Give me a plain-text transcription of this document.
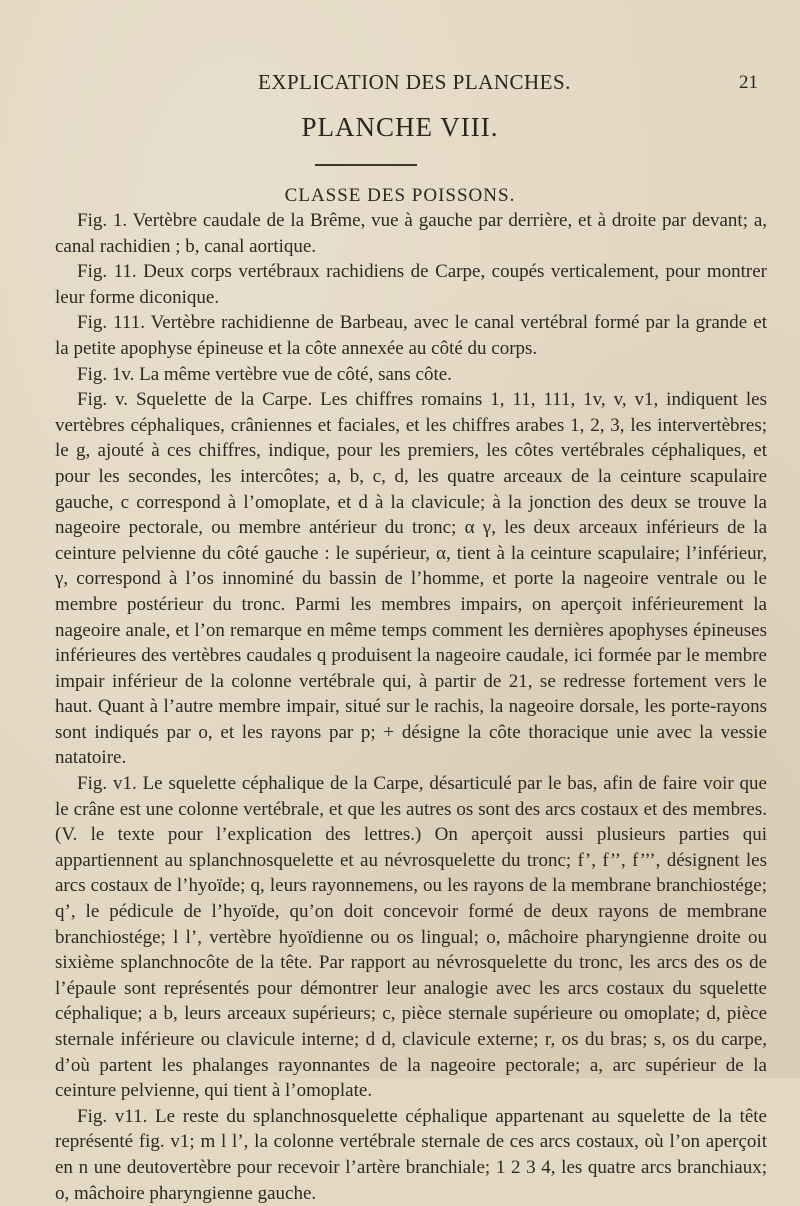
EXPLICATION DES PLANCHES.	21
PLANCHE VIII.
CLASSE DES POISSONS.

Fig. 1. Vertèbre caudale de la Brême, vue à gauche par derrière, et à droite par devant; a, canal rachidien ; b, canal aortique.

Fig. 11. Deux corps vertébraux rachidiens de Carpe, coupés verticalement, pour montrer leur forme diconique.

Fig. 111. Vertèbre rachidienne de Barbeau, avec le canal vertébral formé par la grande et la petite apophyse épineuse et la côte annexée au côté du corps.

Fig. 1v. La même vertèbre vue de côté, sans côte.

Fig. v. Squelette de la Carpe. Les chiffres romains 1, 11, 111, 1v, v, v1, indiquent les vertèbres céphaliques, crâniennes et faciales, et les chiffres arabes 1, 2, 3, les intervertèbres; le g, ajouté à ces chiffres, indique, pour les premiers, les côtes vertébrales céphaliques, et pour les secondes, les intercôtes; a, b, c, d, les quatre arceaux de la ceinture scapulaire gauche, c correspond à l’omoplate, et d à la clavicule; à la jonction des deux se trouve la nageoire pectorale, ou membre antérieur du tronc; α γ, les deux arceaux inférieurs de la ceinture pelvienne du côté gauche : le supérieur, α, tient à la ceinture scapulaire; l’inférieur, γ, correspond à l’os innominé du bassin de l’homme, et porte la nageoire ventrale ou le membre postérieur du tronc. Parmi les membres impairs, on aperçoit inférieurement la nageoire anale, et l’on remarque en même temps comment les dernières apophyses épineuses inférieures des vertèbres caudales q produisent la nageoire caudale, ici formée par le membre impair inférieur de la colonne vertébrale qui, à partir de 21, se redresse fortement vers le haut. Quant à l’autre membre impair, situé sur le rachis, la nageoire dorsale, les porte-rayons sont indiqués par o, et les rayons par p; + désigne la côte thoracique unie avec la vessie natatoire.

Fig. v1. Le squelette céphalique de la Carpe, désarticulé par le bas, afin de faire voir que le crâne est une colonne vertébrale, et que les autres os sont des arcs costaux et des membres. (V. le texte pour l’explication des lettres.) On aperçoit aussi plusieurs parties qui appartiennent au splanchnosquelette et au névrosquelette du tronc; f’, f’’, f’’’, désignent les arcs costaux de l’hyoïde; q, leurs rayonnemens, ou les rayons de la membrane branchiostége; q’, le pédicule de l’hyoïde, qu’on doit concevoir formé de deux rayons de membrane branchiostége; l l’, vertèbre hyoïdienne ou os lingual; o, mâchoire pharyngienne droite ou sixième splanchnocôte de la tête. Par rapport au névrosquelette du tronc, les arcs des os de l’épaule sont représentés pour démontrer leur analogie avec les arcs costaux du squelette céphalique; a b, leurs arceaux supérieurs; c, pièce sternale supérieure ou omoplate; d, pièce sternale inférieure ou clavicule interne; d d, clavicule externe; r, os du bras; s, os du carpe, d’où partent les phalanges rayonnantes de la nageoire pectorale; a, arc supérieur de la ceinture pelvienne, qui tient à l’omoplate.

Fig. v11. Le reste du splanchnosquelette céphalique appartenant au squelette de la tête représenté fig. v1; m l l’, la colonne vertébrale sternale de ces arcs costaux, où l’on aperçoit en n une deutovertèbre pour recevoir l’artère branchiale; 1 2 3 4, les quatre arcs branchiaux; o, mâchoire pharyngienne gauche.
